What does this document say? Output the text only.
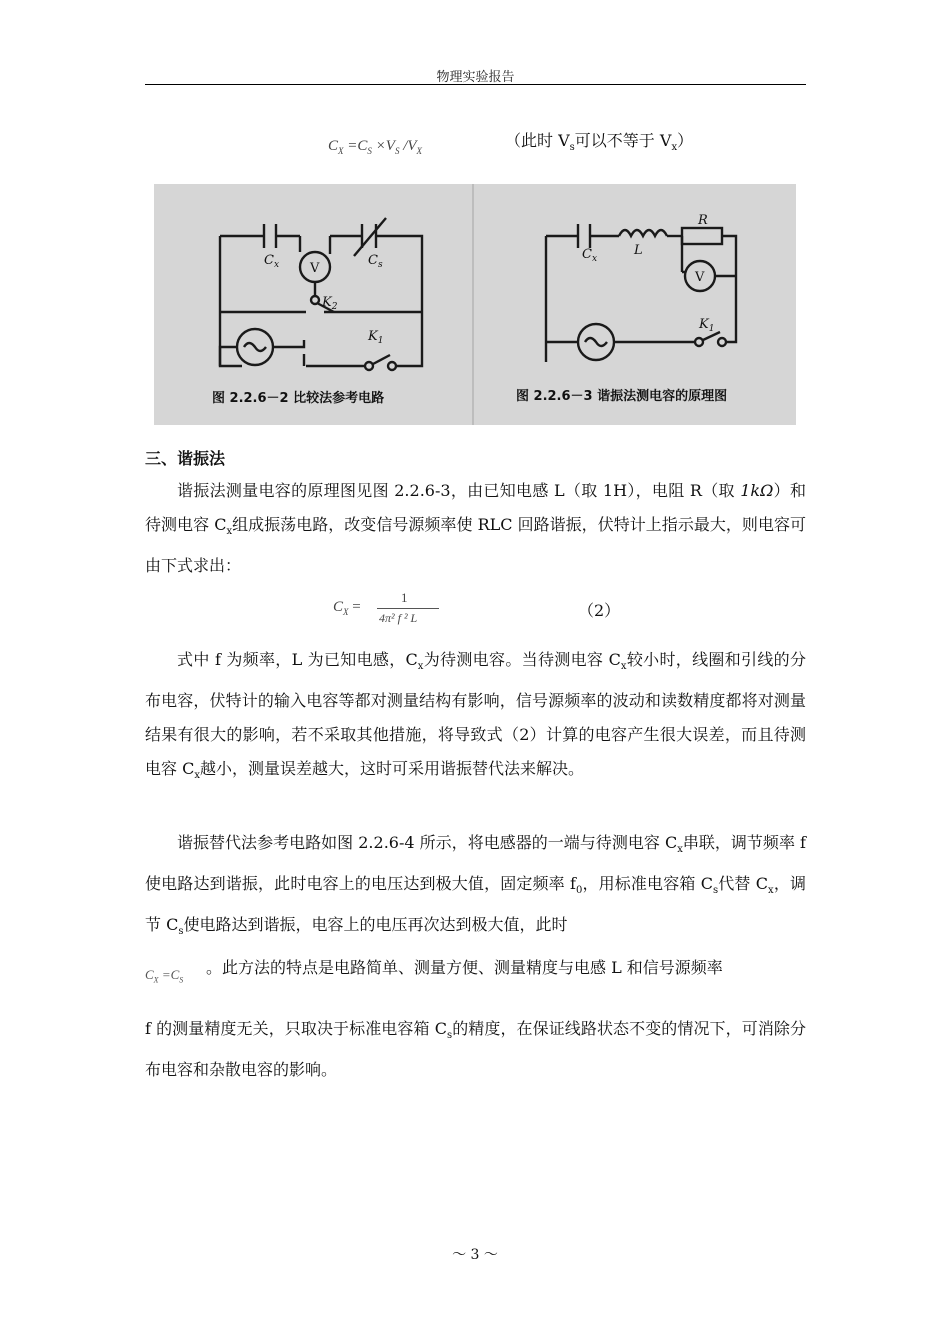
物理实验报告
$C_X =C_S \times V_S$ $/V_X$
（此时 $V_s$可以不等于 $V_x$）
$C_x$	$C_s$
V
$K_2$
$K_1$
$C_x$
L
R
V
$K_1$
图 2.2.6－2 比较法参考电路	图 2.2.6－3 谐振法测电容的原理图
三、谐振法

谐振法测量电容的原理图见图 2.2.6-3，由已知电感 L（取 1H），电阻 R（取 1kΩ）和待测电容 $C_x$组成振荡电路，改变信号源频率使 RLC 回路谐振，伏特计上指示最大，则电容可由下式求出：

$C_X$ =
1
4π² f ² L	（2）

式中 f 为频率，L 为已知电感，$C_x$为待测电容。当待测电容 $C_x$较小时，线圈和引线的分布电容，伏特计的输入电容等都对测量结构有影响，信号源频率的波动和读数精度都将对测量结果有很大的影响，若不采取其他措施，将导致式（2）计算的电容产生很大误差，而且待测电容 $C_x$越小，测量误差越大，这时可采用谐振替代法来解决。

谐振替代法参考电路如图 2.2.6-4 所示，将电感器的一端与待测电容 $C_x$串联，调节频率 f 使电路达到谐振，此时电容上的电压达到极大值，固定频率 $f_0$，用标准电容箱 $C_s$代替 $C_x$，调节 $C_s$使电路达到谐振，电容上的电压再次达到极大值，此时

$C_X =C_S$
。此方法的特点是电路简单、测量方便、测量精度与电感 L 和信号源频率

f 的测量精度无关，只取决于标准电容箱 $C_s$的精度，在保证线路状态不变的情况下，可消除分布电容和杂散电容的影响。

～ 3 ～
